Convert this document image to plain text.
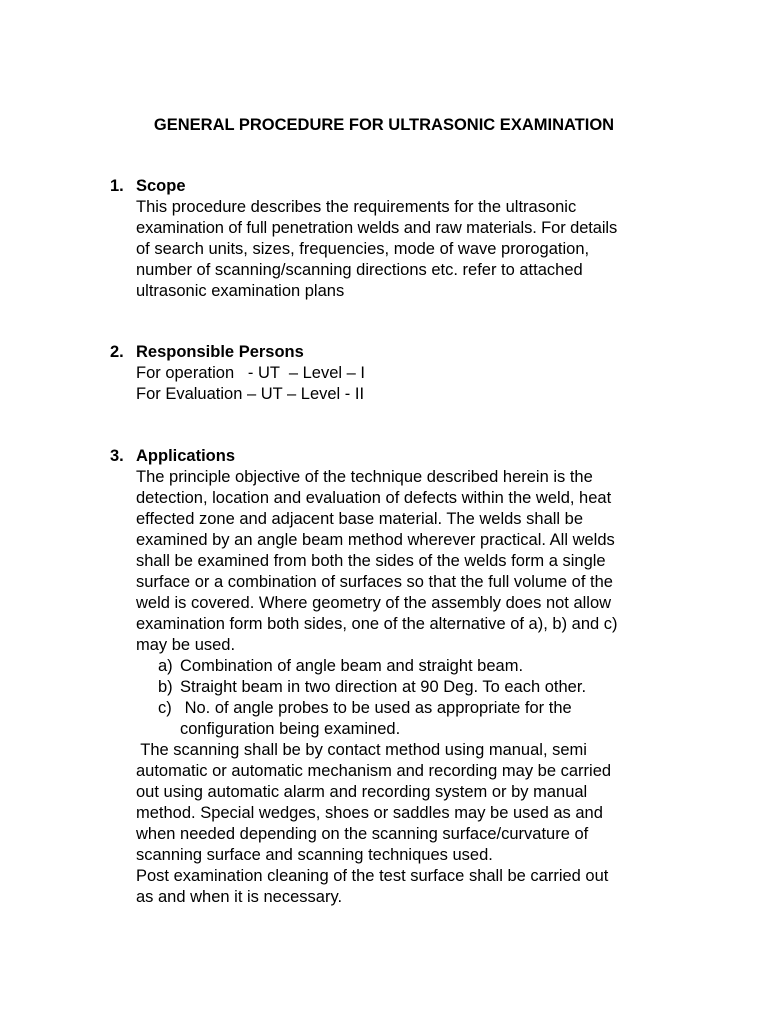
GENERAL PROCEDURE FOR ULTRASONIC EXAMINATION
1. Scope
This procedure describes the requirements for the ultrasonic
examination of full penetration welds and raw materials. For details
of search units, sizes, frequencies, mode of wave prorogation,
number of scanning/scanning directions etc. refer to attached
ultrasonic examination plans
2. Responsible Persons
For operation   - UT  – Level – I
For Evaluation – UT – Level - II
3. Applications
The principle objective of the technique described herein is the
detection, location and evaluation of defects within the weld, heat
effected zone and adjacent base material. The welds shall be
examined by an angle beam method wherever practical. All welds
shall be examined from both the sides of the welds form a single
surface or a combination of surfaces so that the full volume of the
weld is covered. Where geometry of the assembly does not allow
examination form both sides, one of the alternative of a), b) and c)
may be used.
a) Combination of angle beam and straight beam.
b) Straight beam in two direction at 90 Deg. To each other.
c) No. of angle probes to be used as appropriate for the
configuration being examined.
The scanning shall be by contact method using manual, semi
automatic or automatic mechanism and recording may be carried
out using automatic alarm and recording system or by manual
method. Special wedges, shoes or saddles may be used as and
when needed depending on the scanning surface/curvature of
scanning surface and scanning techniques used.
Post examination cleaning of the test surface shall be carried out
as and when it is necessary.
